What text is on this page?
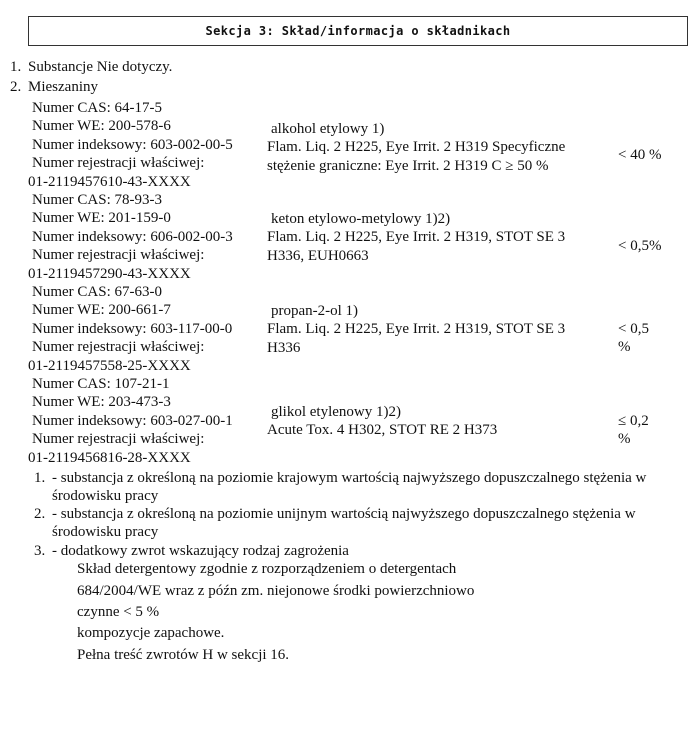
Sekcja 3: Skład/informacja o składnikach
1. Substancje Nie dotyczy.
2. Mieszaniny
Numer CAS: 64-17-5
Numer WE: 200-578-6
Numer indeksowy: 603-002-00-5
Numer rejestracji właściwej:
01-2119457610-43-XXXX
alkohol etylowy 1)
Flam. Liq. 2 H225, Eye Irrit. 2 H319 Specyficzne
stężenie graniczne: Eye Irrit. 2 H319 C ≥ 50 %
< 40 %
Numer CAS: 78-93-3
Numer WE: 201-159-0
Numer indeksowy: 606-002-00-3
Numer rejestracji właściwej:
01-2119457290-43-XXXX
keton etylowo-metylowy 1)2)
Flam. Liq. 2 H225, Eye Irrit. 2 H319, STOT SE 3
H336, EUH0663
< 0,5%
Numer CAS: 67-63-0
Numer WE: 200-661-7
Numer indeksowy: 603-117-00-0
Numer rejestracji właściwej:
01-2119457558-25-XXXX
propan-2-ol 1)
Flam. Liq. 2 H225, Eye Irrit. 2 H319, STOT SE 3
H336
< 0,5
%
Numer CAS: 107-21-1
Numer WE: 203-473-3
Numer indeksowy: 603-027-00-1
Numer rejestracji właściwej:
01-2119456816-28-XXXX
glikol etylenowy 1)2)
Acute Tox. 4 H302, STOT RE 2 H373
≤ 0,2
%
1. - substancja z określoną na poziomie krajowym wartością najwyższego dopuszczalnego stężenia w środowisku pracy
2. - substancja z określoną na poziomie unijnym wartością najwyższego dopuszczalnego stężenia w środowisku pracy
3. - dodatkowy zwrot wskazujący rodzaj zagrożenia
Skład detergentowy zgodnie z rozporządzeniem o detergentach
684/2004/WE wraz z późn zm. niejonowe środki powierzchniowo
czynne < 5 %
kompozycje zapachowe.
Pełna treść zwrotów H w sekcji 16.
